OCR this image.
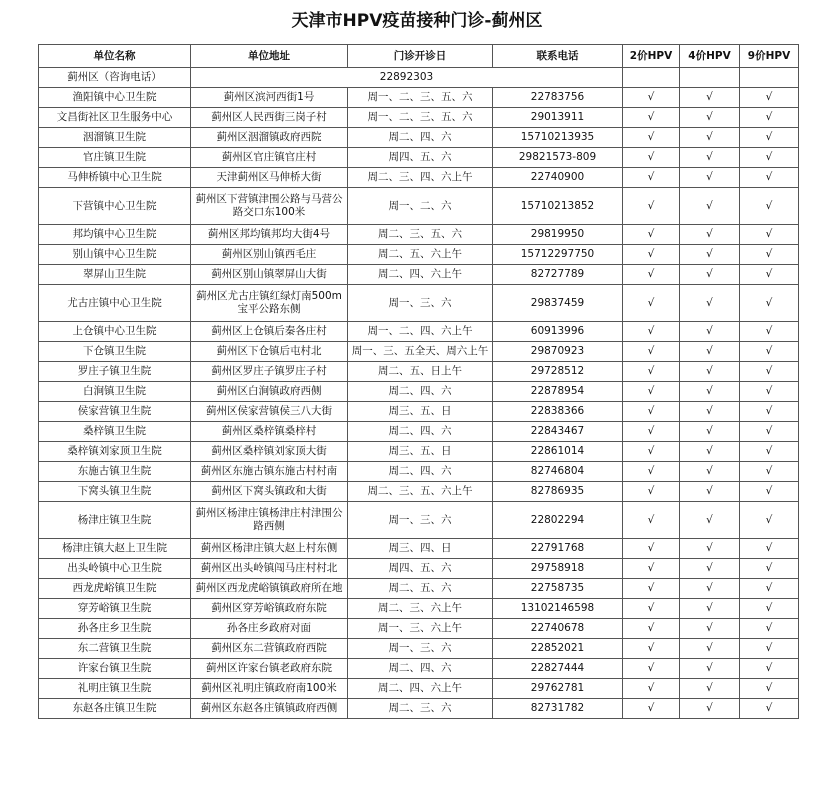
天津市HPV疫苗接种门诊-蓟州区
单位名称	单位地址	门诊开诊日	联系电话	2价HPV	4价HPV	9价HPV
蓟州区（咨询电话）	22892303					
渔阳镇中心卫生院	蓟州区滨河西街1号	周一、二、三、五、六	22783756	√	√	√
文昌街社区卫生服务中心	蓟州区人民西街三岗子村	周一、二、三、五、六	29013911	√	√	√
洇溜镇卫生院	蓟州区洇溜镇政府西院	周二、四、六	15710213935	√	√	√
官庄镇卫生院	蓟州区官庄镇官庄村	周四、五、六	29821573-809	√	√	√
马伸桥镇中心卫生院	天津蓟州区马伸桥大街	周二、三、四、六上午	22740900	√	√	√
下营镇中心卫生院	蓟州区下营镇津围公路与马营公路交口东100米	周一、二、六	15710213852	√	√	√
邦均镇中心卫生院	蓟州区邦均镇邦均大街4号	周二、三、五、六	29819950	√	√	√
别山镇中心卫生院	蓟州区别山镇西毛庄	周二、五、六上午	15712297750	√	√	√
翠屏山卫生院	蓟州区别山镇翠屏山大街	周二、四、六上午	82727789	√	√	√
尤古庄镇中心卫生院	蓟州区尤古庄镇红绿灯南500m宝平公路东侧	周一、三、六	29837459	√	√	√
上仓镇中心卫生院	蓟州区上仓镇后秦各庄村	周一、二、四、六上午	60913996	√	√	√
下仓镇卫生院	蓟州区下仓镇后屯村北	周一、三、五全天、周六上午	29870923	√	√	√
罗庄子镇卫生院	蓟州区罗庄子镇罗庄子村	周二、五、日上午	29728512	√	√	√
白涧镇卫生院	蓟州区白涧镇政府西侧	周二、四、六	22878954	√	√	√
侯家营镇卫生院	蓟州区侯家营镇侯三八大街	周三、五、日	22838366	√	√	√
桑梓镇卫生院	蓟州区桑梓镇桑梓村	周二、四、六	22843467	√	√	√
桑梓镇刘家顶卫生院	蓟州区桑梓镇刘家顶大街	周三、五、日	22861014	√	√	√
东施古镇卫生院	蓟州区东施古镇东施古村村南	周二、四、六	82746804	√	√	√
下窝头镇卫生院	蓟州区下窝头镇政和大街	周二、三、五、六上午	82786935	√	√	√
杨津庄镇卫生院	蓟州区杨津庄镇杨津庄村津围公路西侧	周一、三、六	22802294	√	√	√
杨津庄镇大赵上卫生院	蓟州区杨津庄镇大赵上村东侧	周三、四、日	22791768	√	√	√
出头岭镇中心卫生院	蓟州区出头岭镇闯马庄村村北	周四、五、六	29758918	√	√	√
西龙虎峪镇卫生院	蓟州区西龙虎峪镇镇政府所在地	周二、五、六	22758735	√	√	√
穿芳峪镇卫生院	蓟州区穿芳峪镇政府东院	周二、三、六上午	13102146598	√	√	√
孙各庄乡卫生院	孙各庄乡政府对面	周一、三、六上午	22740678	√	√	√
东二营镇卫生院	蓟州区东二营镇政府西院	周一、三、六	22852021	√	√	√
许家台镇卫生院	蓟州区许家台镇老政府东院	周二、四、六	22827444	√	√	√
礼明庄镇卫生院	蓟州区礼明庄镇政府南100米	周二、四、六上午	29762781	√	√	√
东赵各庄镇卫生院	蓟州区东赵各庄镇镇政府西侧	周二、三、六	82731782	√	√	√
